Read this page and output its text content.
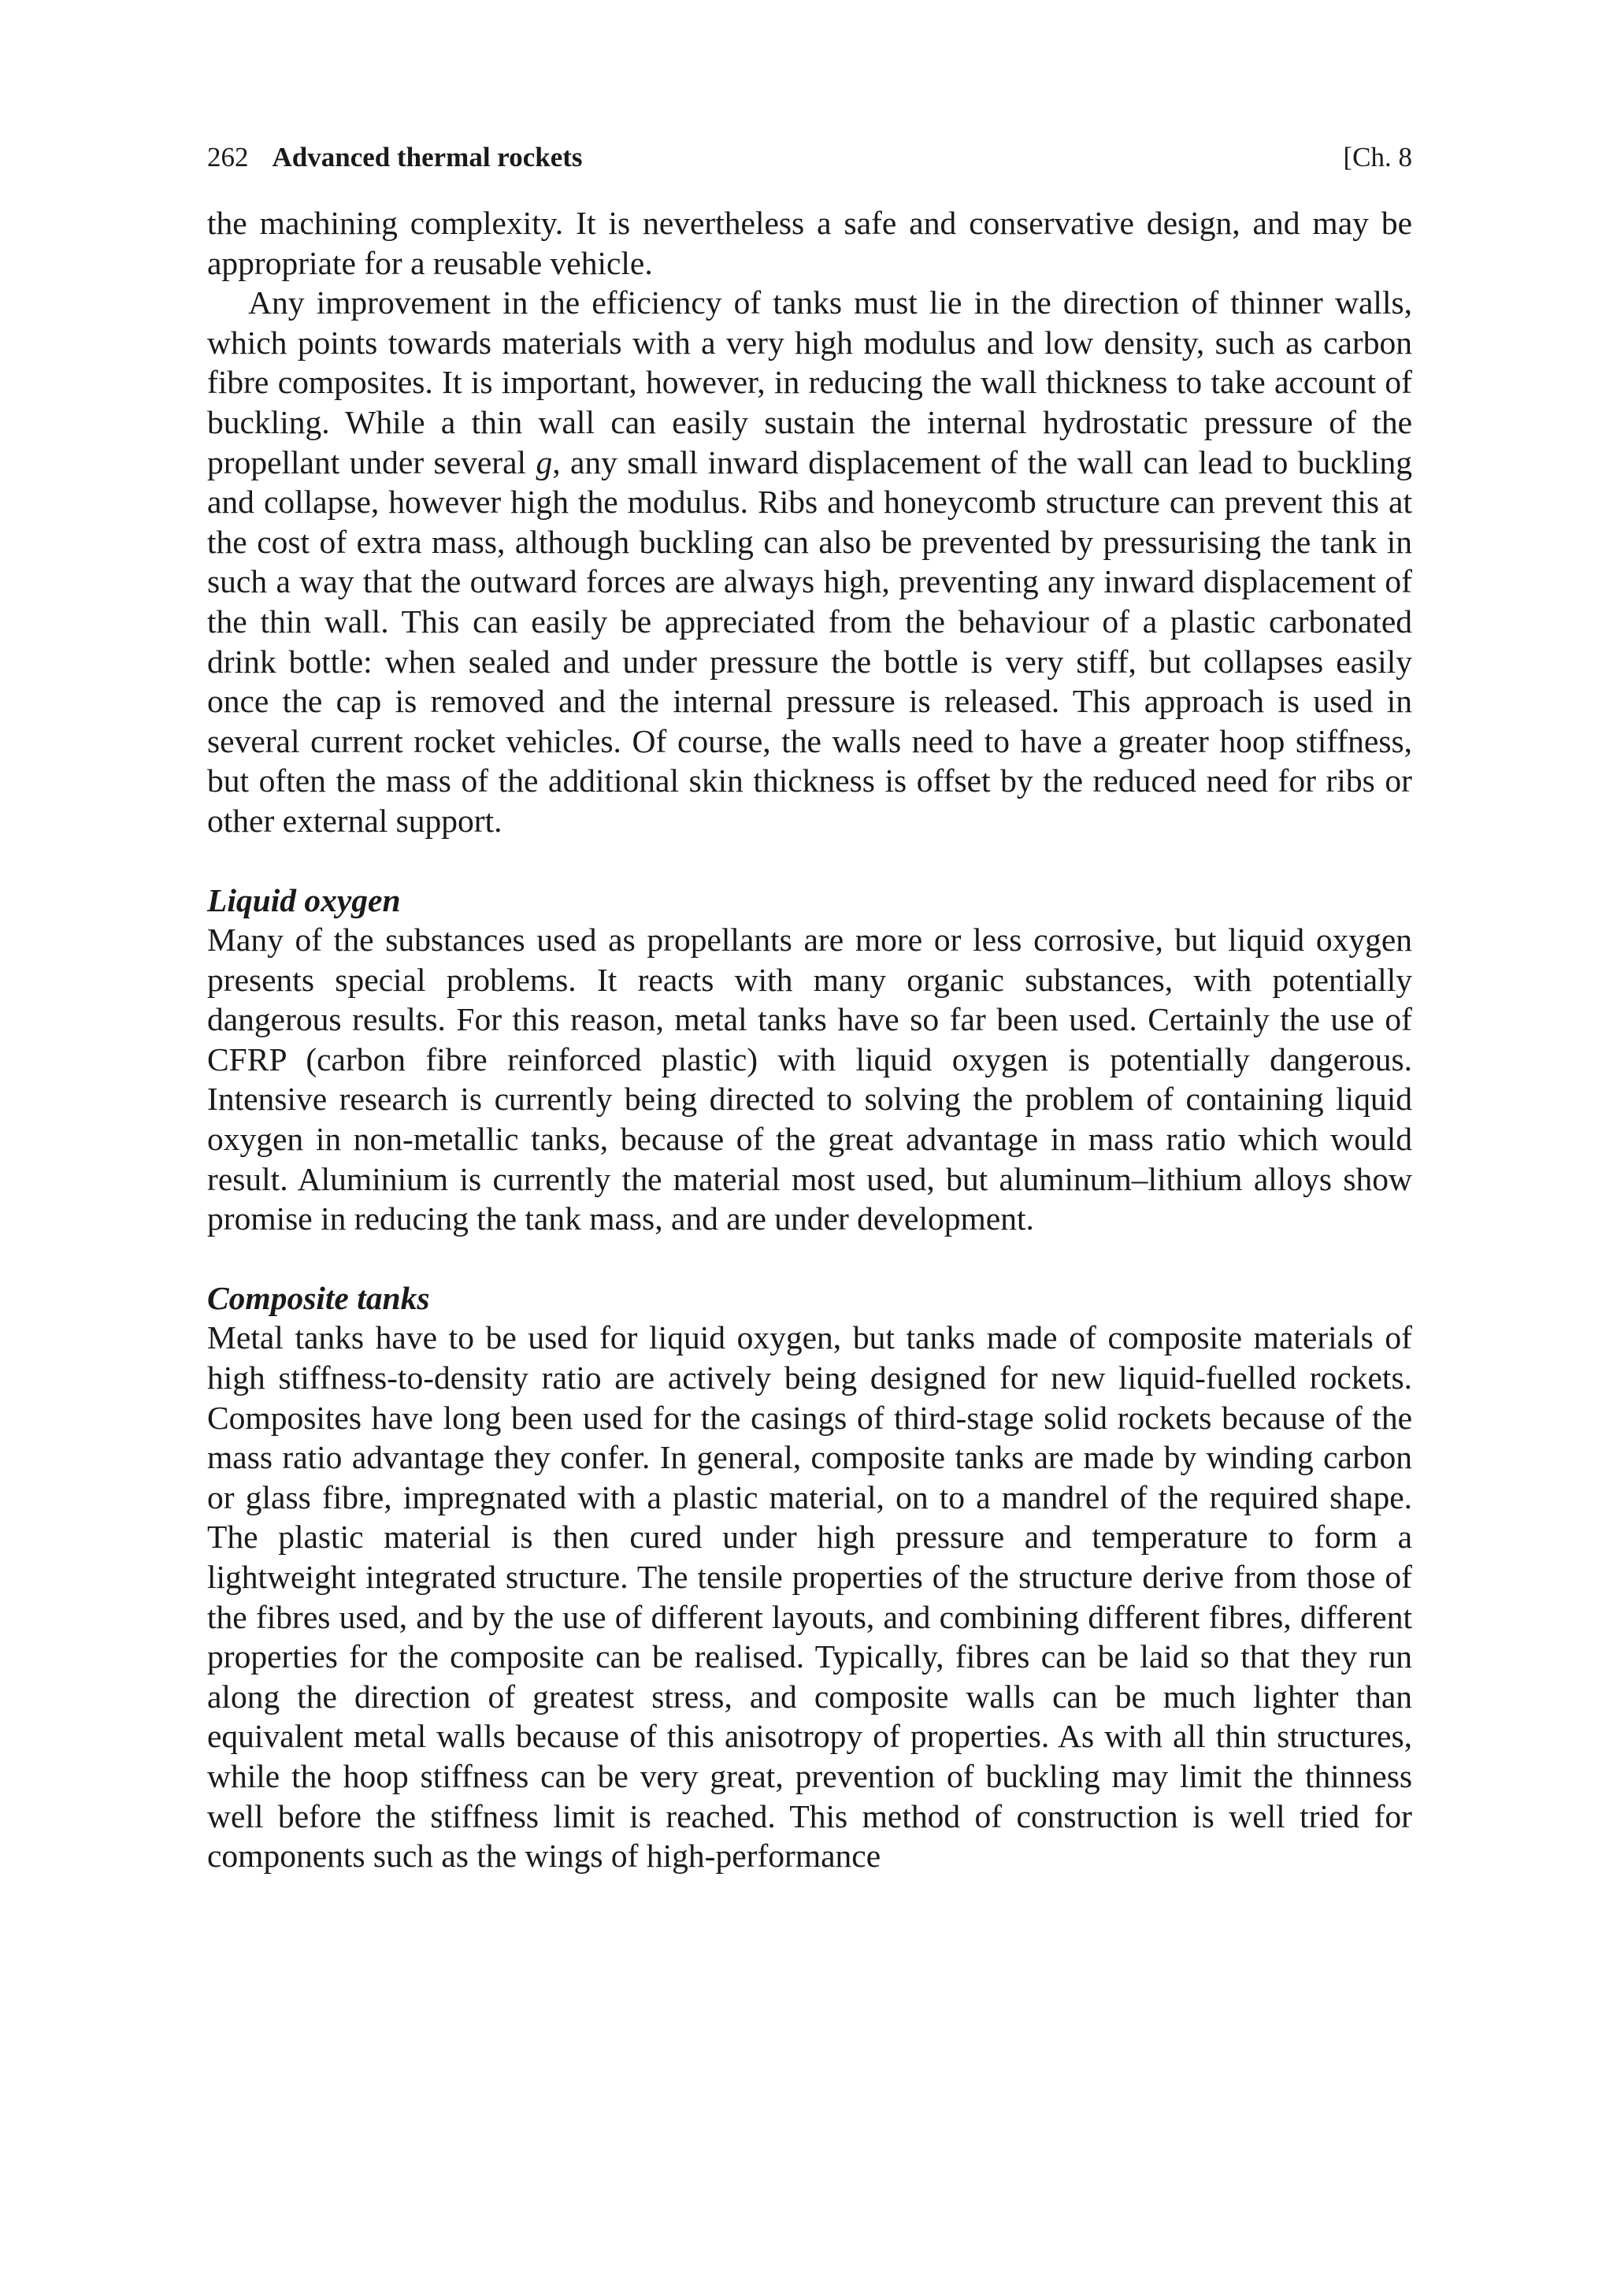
262 Advanced thermal rockets	[Ch. 8

the machining complexity. It is nevertheless a safe and conservative design, and may be appropriate for a reusable vehicle.

Any improvement in the efficiency of tanks must lie in the direction of thinner walls, which points towards materials with a very high modulus and low density, such as carbon fibre composites. It is important, however, in reducing the wall thickness to take account of buckling. While a thin wall can easily sustain the internal hydrostatic pressure of the propellant under several g, any small inward displacement of the wall can lead to buckling and collapse, however high the modulus. Ribs and honeycomb structure can prevent this at the cost of extra mass, although buckling can also be prevented by pressurising the tank in such a way that the outward forces are always high, preventing any inward displacement of the thin wall. This can easily be appreciated from the behaviour of a plastic carbonated drink bottle: when sealed and under pressure the bottle is very stiff, but collapses easily once the cap is removed and the internal pressure is released. This approach is used in several current rocket vehicles. Of course, the walls need to have a greater hoop stiffness, but often the mass of the additional skin thickness is offset by the reduced need for ribs or other external support.

Liquid oxygen

Many of the substances used as propellants are more or less corrosive, but liquid oxygen presents special problems. It reacts with many organic substances, with potentially dangerous results. For this reason, metal tanks have so far been used. Certainly the use of CFRP (carbon fibre reinforced plastic) with liquid oxygen is potentially dangerous. Intensive research is currently being directed to solving the problem of containing liquid oxygen in non-metallic tanks, because of the great advantage in mass ratio which would result. Aluminium is currently the material most used, but aluminum–lithium alloys show promise in reducing the tank mass, and are under development.

Composite tanks

Metal tanks have to be used for liquid oxygen, but tanks made of composite materials of high stiffness-to-density ratio are actively being designed for new liquid-fuelled rockets. Composites have long been used for the casings of third-stage solid rockets because of the mass ratio advantage they confer. In general, composite tanks are made by winding carbon or glass fibre, impregnated with a plastic material, on to a mandrel of the required shape. The plastic material is then cured under high pressure and temperature to form a lightweight integrated structure. The tensile properties of the structure derive from those of the fibres used, and by the use of different layouts, and combining different fibres, different properties for the composite can be realised. Typically, fibres can be laid so that they run along the direction of greatest stress, and composite walls can be much lighter than equivalent metal walls because of this anisotropy of properties. As with all thin structures, while the hoop stiffness can be very great, prevention of buckling may limit the thinness well before the stiffness limit is reached. This method of construction is well tried for components such as the wings of high-performance
